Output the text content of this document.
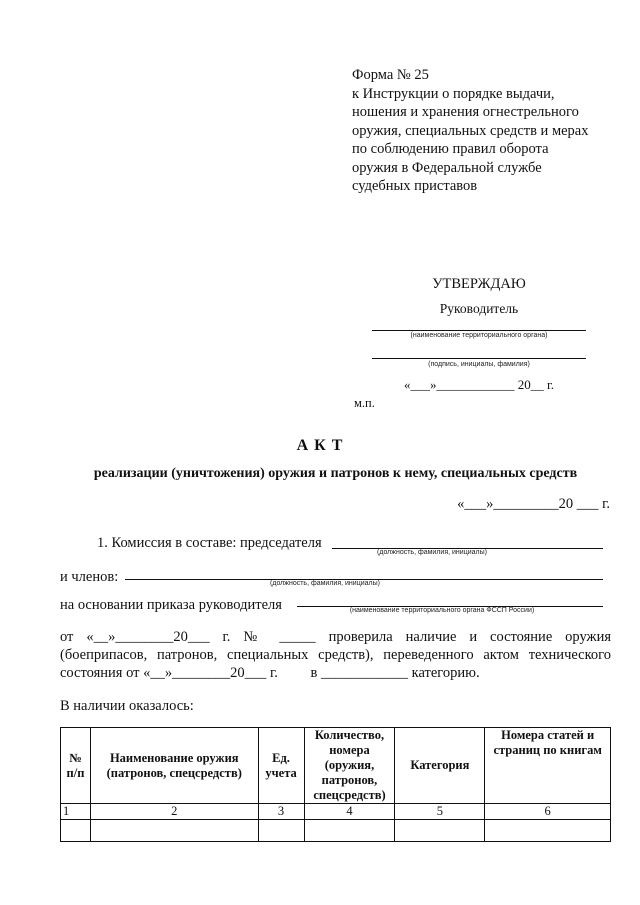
Форма № 25
к Инструкции о порядке выдачи,
ношения и хранения огнестрельного
оружия, специальных средств и мерах
по соблюдению правил оборота
оружия в Федеральной службе
судебных приставов
УТВЕРЖДАЮ
Руководитель
(наименование территориального органа)
(подпись, инициалы, фамилия)
«___»____________ 20__ г.
м.п.
А К Т
реализации (уничтожения) оружия и патронов к нему, специальных средств
«___»_________20 ___ г.
1. Комиссия в составе: председателя
(должность, фамилия, инициалы)
и членов:	(должность, фамилия, инициалы)
на основании приказа руководителя	(наименование территориального органа ФССП России)
от «__»________20___ г. № _____ проверила наличие и состояние оружия
(боеприпасов, патронов, специальных средств), переведенного актом технического
состояния от «__»________20___ г.         в ____________ категорию.
В наличии оказалось:
№ п/п	Наименование оружия (патронов, спецсредств)	Ед. учета	Количество, номера (оружия, патронов, спецсредств)	Категория	Номера статей и страниц по книгам
1	2	3	4	5	6
